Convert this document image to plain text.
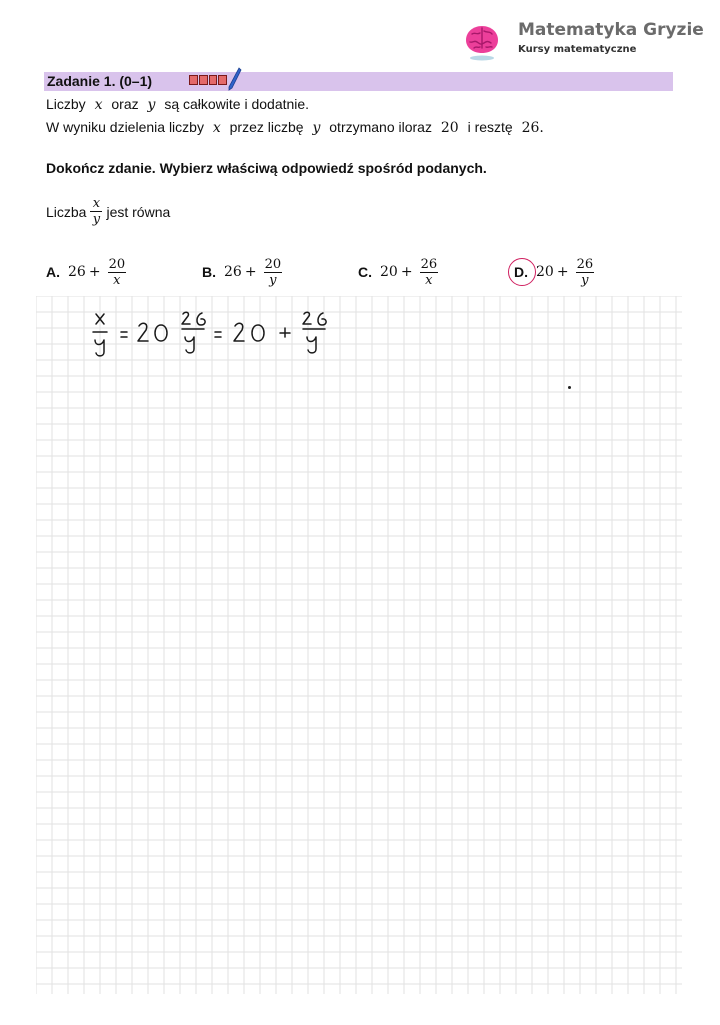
Matematyka Gryzie
Kursy matematyczne
Zadanie 1. (0–1)
Liczby x oraz y są całkowite i dodatnie.
W wyniku dzielenia liczby x przez liczbę y otrzymano iloraz 20 i resztę 26.
Dokończ zdanie. Wybierz właściwą odpowiedź spośród podanych.
Liczba $\frac{x}{y}$ jest równa
A. $26 + \frac{20}{x}$	B. $26 + \frac{20}{y}$	C. $20 + \frac{26}{x}$	D. $20 + \frac{26}{y}$
